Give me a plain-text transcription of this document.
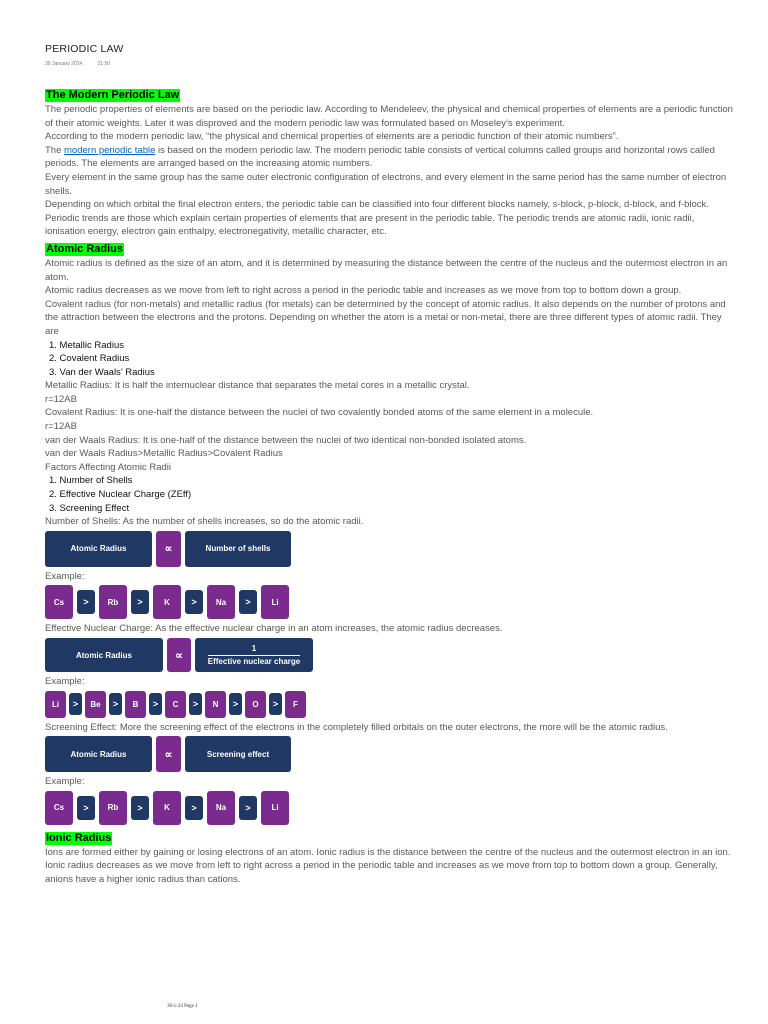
PERIODIC LAW
30 January 2024	21:50
The Modern Periodic Law

The periodic properties of elements are based on the periodic law. According to Mendeleev, the physical and chemical properties of elements are a periodic function of their atomic weights. Later it was disproved and the modern periodic law was formulated based on Moseley’s experiment.

According to the modern periodic law, “the physical and chemical properties of elements are a periodic function of their atomic numbers”.

The modern periodic table is based on the modern periodic law. The modern periodic table consists of vertical columns called groups and horizontal rows called periods. The elements are arranged based on the increasing atomic numbers.

Every element in the same group has the same outer electronic configuration of electrons, and every element in the same period has the same number of electron shells.

Depending on which orbital the final electron enters, the periodic table can be classified into four different blocks namely, s-block, p-block, d-block, and f-block.

Periodic trends are those which explain certain properties of elements that are present in the periodic table. The periodic trends are atomic radii, ionic radii, ionisation energy, electron gain enthalpy, electronegativity, metallic character, etc.

Atomic Radius

Atomic radius is defined as the size of an atom, and it is determined by measuring the distance between the centre of the nucleus and the outermost electron in an atom.

Atomic radius decreases as we move from left to right across a period in the periodic table and increases as we move from top to bottom down a group.

Covalent radius (for non-metals) and metallic radius (for metals) can be determined by the concept of atomic radius. It also depends on the number of protons and the attraction between the electrons and the protons. Depending on whether the atom is a metal or non-metal, there are three different types of atomic radii. They are

1. Metallic Radius
2. Covalent Radius
3. Van der Waals’ Radius

Metallic Radius: It is half the internuclear distance that separates the metal cores in a metallic crystal.

r=12AB

Covalent Radius: It is one-half the distance between the nuclei of two covalently bonded atoms of the same element in a molecule.

r=12AB

van der Waals Radius: It is one-half of the distance between the nuclei of two identical non-bonded isolated atoms.

van der Waals Radius>Metallic Radius>Covalent Radius

Factors Affecting Atomic Radii

1. Number of Shells
2. Effective Nuclear Charge (ZEff)
3. Screening Effect

Number of Shells: As the number of shells increases, so do the atomic radii.

Atomic Radius	∝	Number of shells

Example:

Cs	>	Rb	>	K	>	Na	>	Li

Effective Nuclear Charge: As the effective nuclear charge in an atom increases, the atomic radius decreases.

Atomic Radius	∝	$\frac{1}{\text{Effective nuclear charge}}$

Example:

Li	>	Be	>	B	>	C	>	N	>	O	>	F

Screening Effect: More the screening effect of the electrons in the completely filled orbitals on the outer electrons, the more will be the atomic radius.

Atomic Radius	∝	Screening effect

Example:

Cs	>	Rb	>	K	>	Na	>	Li
Ionic Radius

Ions are formed either by gaining or losing electrons of an atom. Ionic radius is the distance between the centre of the nucleus and the outermost electron in an ion.

Ionic radius decreases as we move from left to right across a period in the periodic table and increases as we move from top to bottom down a group. Generally, anions have a higher ionic radius than cations.

30-1-24 Page 1
